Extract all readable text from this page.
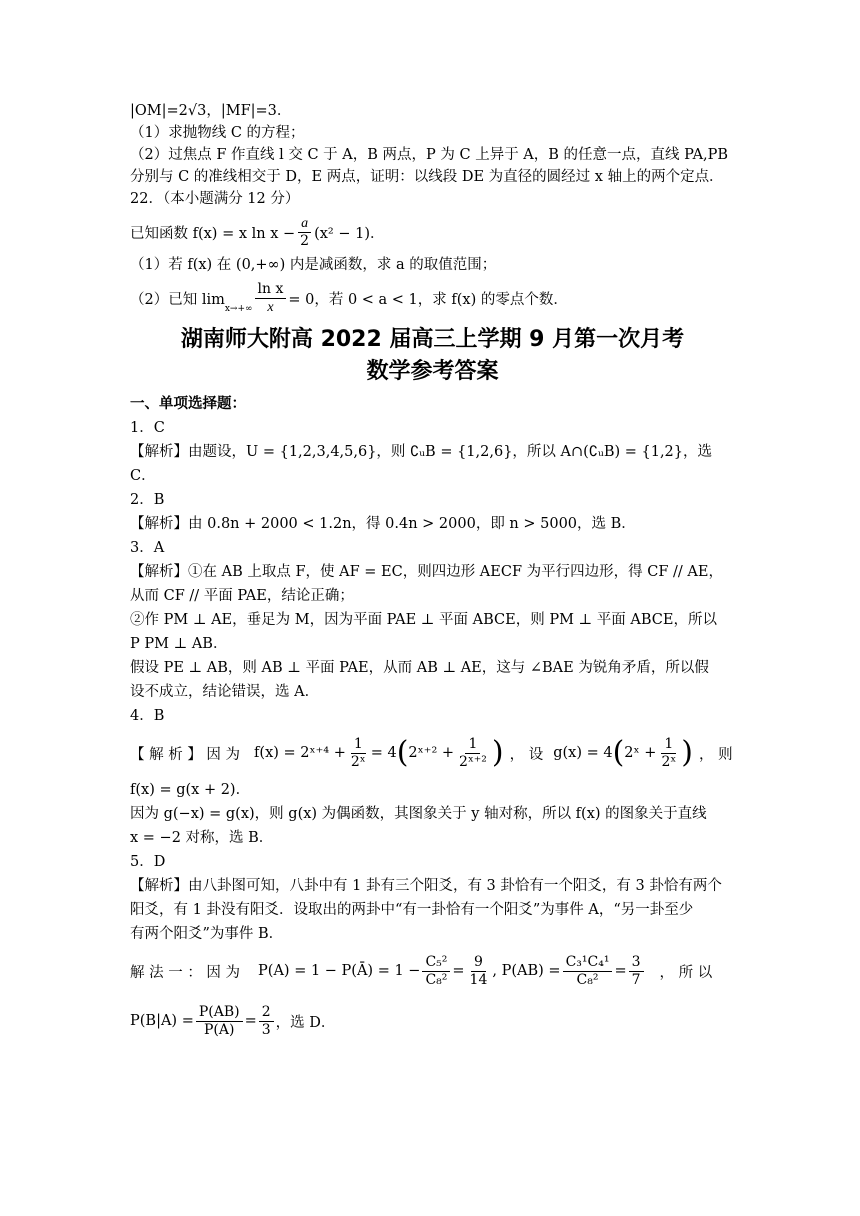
|OM|=2√3，|MF|=3．
（1）求抛物线 C 的方程；
（2）过焦点 F 作直线 l 交 C 于 A，B 两点，P 为 C 上异于 A，B 的任意一点，直线 PA,PB
分别与 C 的准线相交于 D，E 两点，证明：以线段 DE 为直径的圆经过 x 轴上的两个定点．
22．（本小题满分 12 分）
已知函数 f(x) = x $\ln x - \frac{a}{2} (x^2 - 1)$．
（1）若 f(x) 在 (0,+∞) 内是减函数，求 a 的取值范围；
（2）已知 lim
$x\to+\infty \frac{\text{ln x}}{x} = 0$，若 0 < a < 1，求 f(x) 的零点个数．
湖南师大附高 2022 届高三上学期 9 月第一次月考
数学参考答案
一、单项选择题：
1．C
【解析】由题设，U = {1,2,3,4,5,6}，则 ∁ᵤB = {1,2,6}，所以 A∩(∁ᵤB) = {1,2}，选 C．
2．B
【解析】由 0.8n + 2000 < 1.2n，得 0.4n > 2000，即 n > 5000，选 B．
3．A
【解析】①在 AB 上取点 F，使 AF = EC，则四边形 AECF 为平行四边形，得 CF // AE，
从而 CF // 平面 PAE，结论正确；
②作 PM ⊥ AE，垂足为 M，因为平面 PAE ⊥ 平面 ABCE，则 PM ⊥ 平面 ABCE，所以
P PM ⊥ AB．
假设 PE ⊥ AB，则 AB ⊥ 平面 PAE，从而 AB ⊥ AE，这与 ∠BAE 为锐角矛盾，所以假
设不成立，结论错误，选 A．
4．B
【 解 析 】 因 为 f(x) = 2ˣ⁺⁴ + $\frac{1}{\text{2ˣ}} = 4$ ( 2ˣ⁺² + $\frac{1}{\text{2ˣ⁺²}}$ ) ， 设 g(x) = 4 ( 2ˣ + $\frac{1}{\text{2ˣ}}$ ) ， 则
f(x) = g(x + 2)．
因为 g(−x) = g(x)，则 g(x) 为偶函数，其图象关于 y 轴对称，所以 f(x) 的图象关于直线
x = −2 对称，选 B．
5．D
【解析】由八卦图可知，八卦中有 1 卦有三个阳爻，有 3 卦恰有一个阳爻，有 3 卦恰有两个
阳爻，有 1 卦没有阳爻．设取出的两卦中“有一卦恰有一个阳爻”为事件 A，“另一卦至少
有两个阳爻”为事件 B．
解 法 一 ： 因 为 P(A) = 1 − P(Ā) = $1 - \frac{\text{C₅²}}{\text{C₈²}} = \frac{9}{14}$ , $P(AB) = \frac{\text{C₃¹C₄¹}}{\text{C₈²}} = \frac{3}{7}$ ， 所 以
$P(B|A) = \frac{P(AB)}{P(A)} = \frac{2}{3}$ ，选 D．
